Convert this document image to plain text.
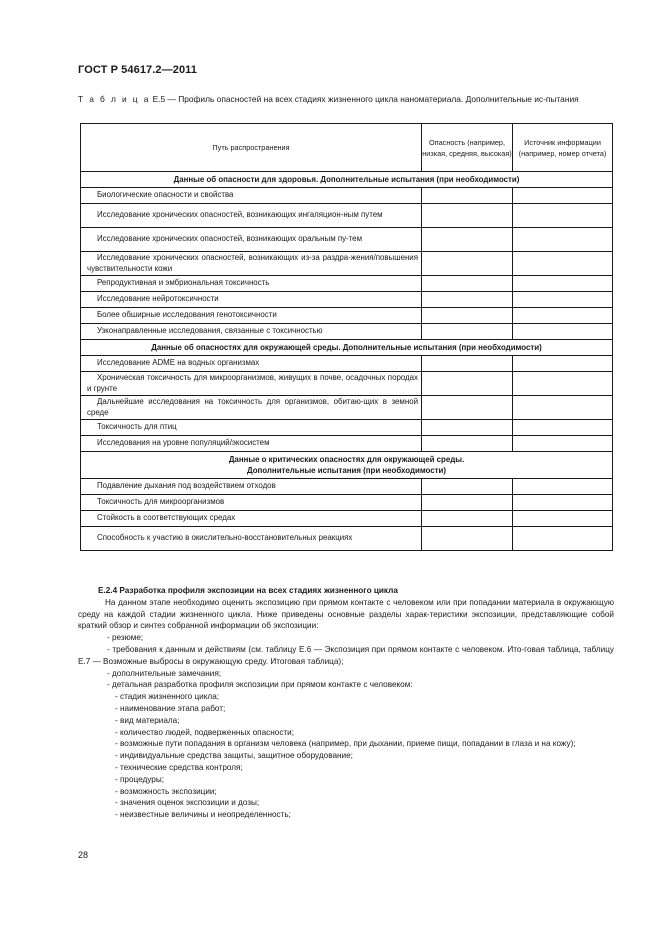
ГОСТ Р 54617.2—2011
Т а б л и ц а Е.5 — Профиль опасностей на всех стадиях жизненного цикла наноматериала. Дополнительные ис-пытания
Путь распространения	Опасность (например, низкая, средняя, высокая)	Источник информации (например, номер отчета)

Данные об опасности для здоровья. Дополнительные испытания (при необходимости)		

Биологические опасности и свойства		
Исследование хронических опасностей, возникающих ингаляцион-ным путем		
Исследование хронических опасностей, возникающих оральным пу-тем		
Исследование хронических опасностей, возникающих из-за раздра-жения/повышения чувствительности кожи		
Репродуктивная и эмбриональная токсичность		
Исследование нейротоксичности		
Более обширные исследования генотоксичности		
Узконаправленные исследования, связанные с токсичностью		

Данные об опасностях для окружающей среды. Дополнительные испытания (при необходимости)		

Исследование ADME на водных организмах		
Хроническая токсичность для микроорганизмов, живущих в почве, осадочных породах и грунте		
Дальнейшие исследования на токсичность для организмов, обитаю-щих в земной среде		
Токсичность для птиц		
Исследования на уровне популяций/экосистем		

Данные о критических опасностях для окружающей среды.
Дополнительные испытания (при необходимости)		

Подавление дыхания под воздействием отходов		
Токсичность для микроорганизмов		
Стойкость в соответствующих средах		
Способность к участию в окислительно-восстановительных реакциях		

Е.2.4 Разработка профиля экспозиции на всех стадиях жизненного цикла

На данном этапе необходимо оценить экспозицию при прямом контакте с человеком или при попадании материала в окружающую среду на каждой стадии жизненного цикла. Ниже приведены основные разделы харак-теристики экспозиции, представляющие собой краткий обзор и синтез собранной информации об экспозиции:

- резюме;

- требования к данным и действиям (см. таблицу Е.6 — Экспозиция при прямом контакте с человеком. Ито-говая таблица, таблицу Е.7 — Возможные выбросы в окружающую среду. Итоговая таблица);

- дополнительные замечания;

- детальная разработка профиля экспозиции при прямом контакте с человеком:

- стадия жизненного цикла;

- наименование этапа работ;

- вид материала;

- количество людей, подверженных опасности;

- возможные пути попадания в организм человека (например, при дыхании, приеме пищи, попадании в глаза и на кожу);

- индивидуальные средства защиты, защитное оборудование;

- технические средства контроля;

- процедуры;

- возможность экспозиции;

- значения оценок экспозиции и дозы;

- неизвестные величины и неопределенность;

28
